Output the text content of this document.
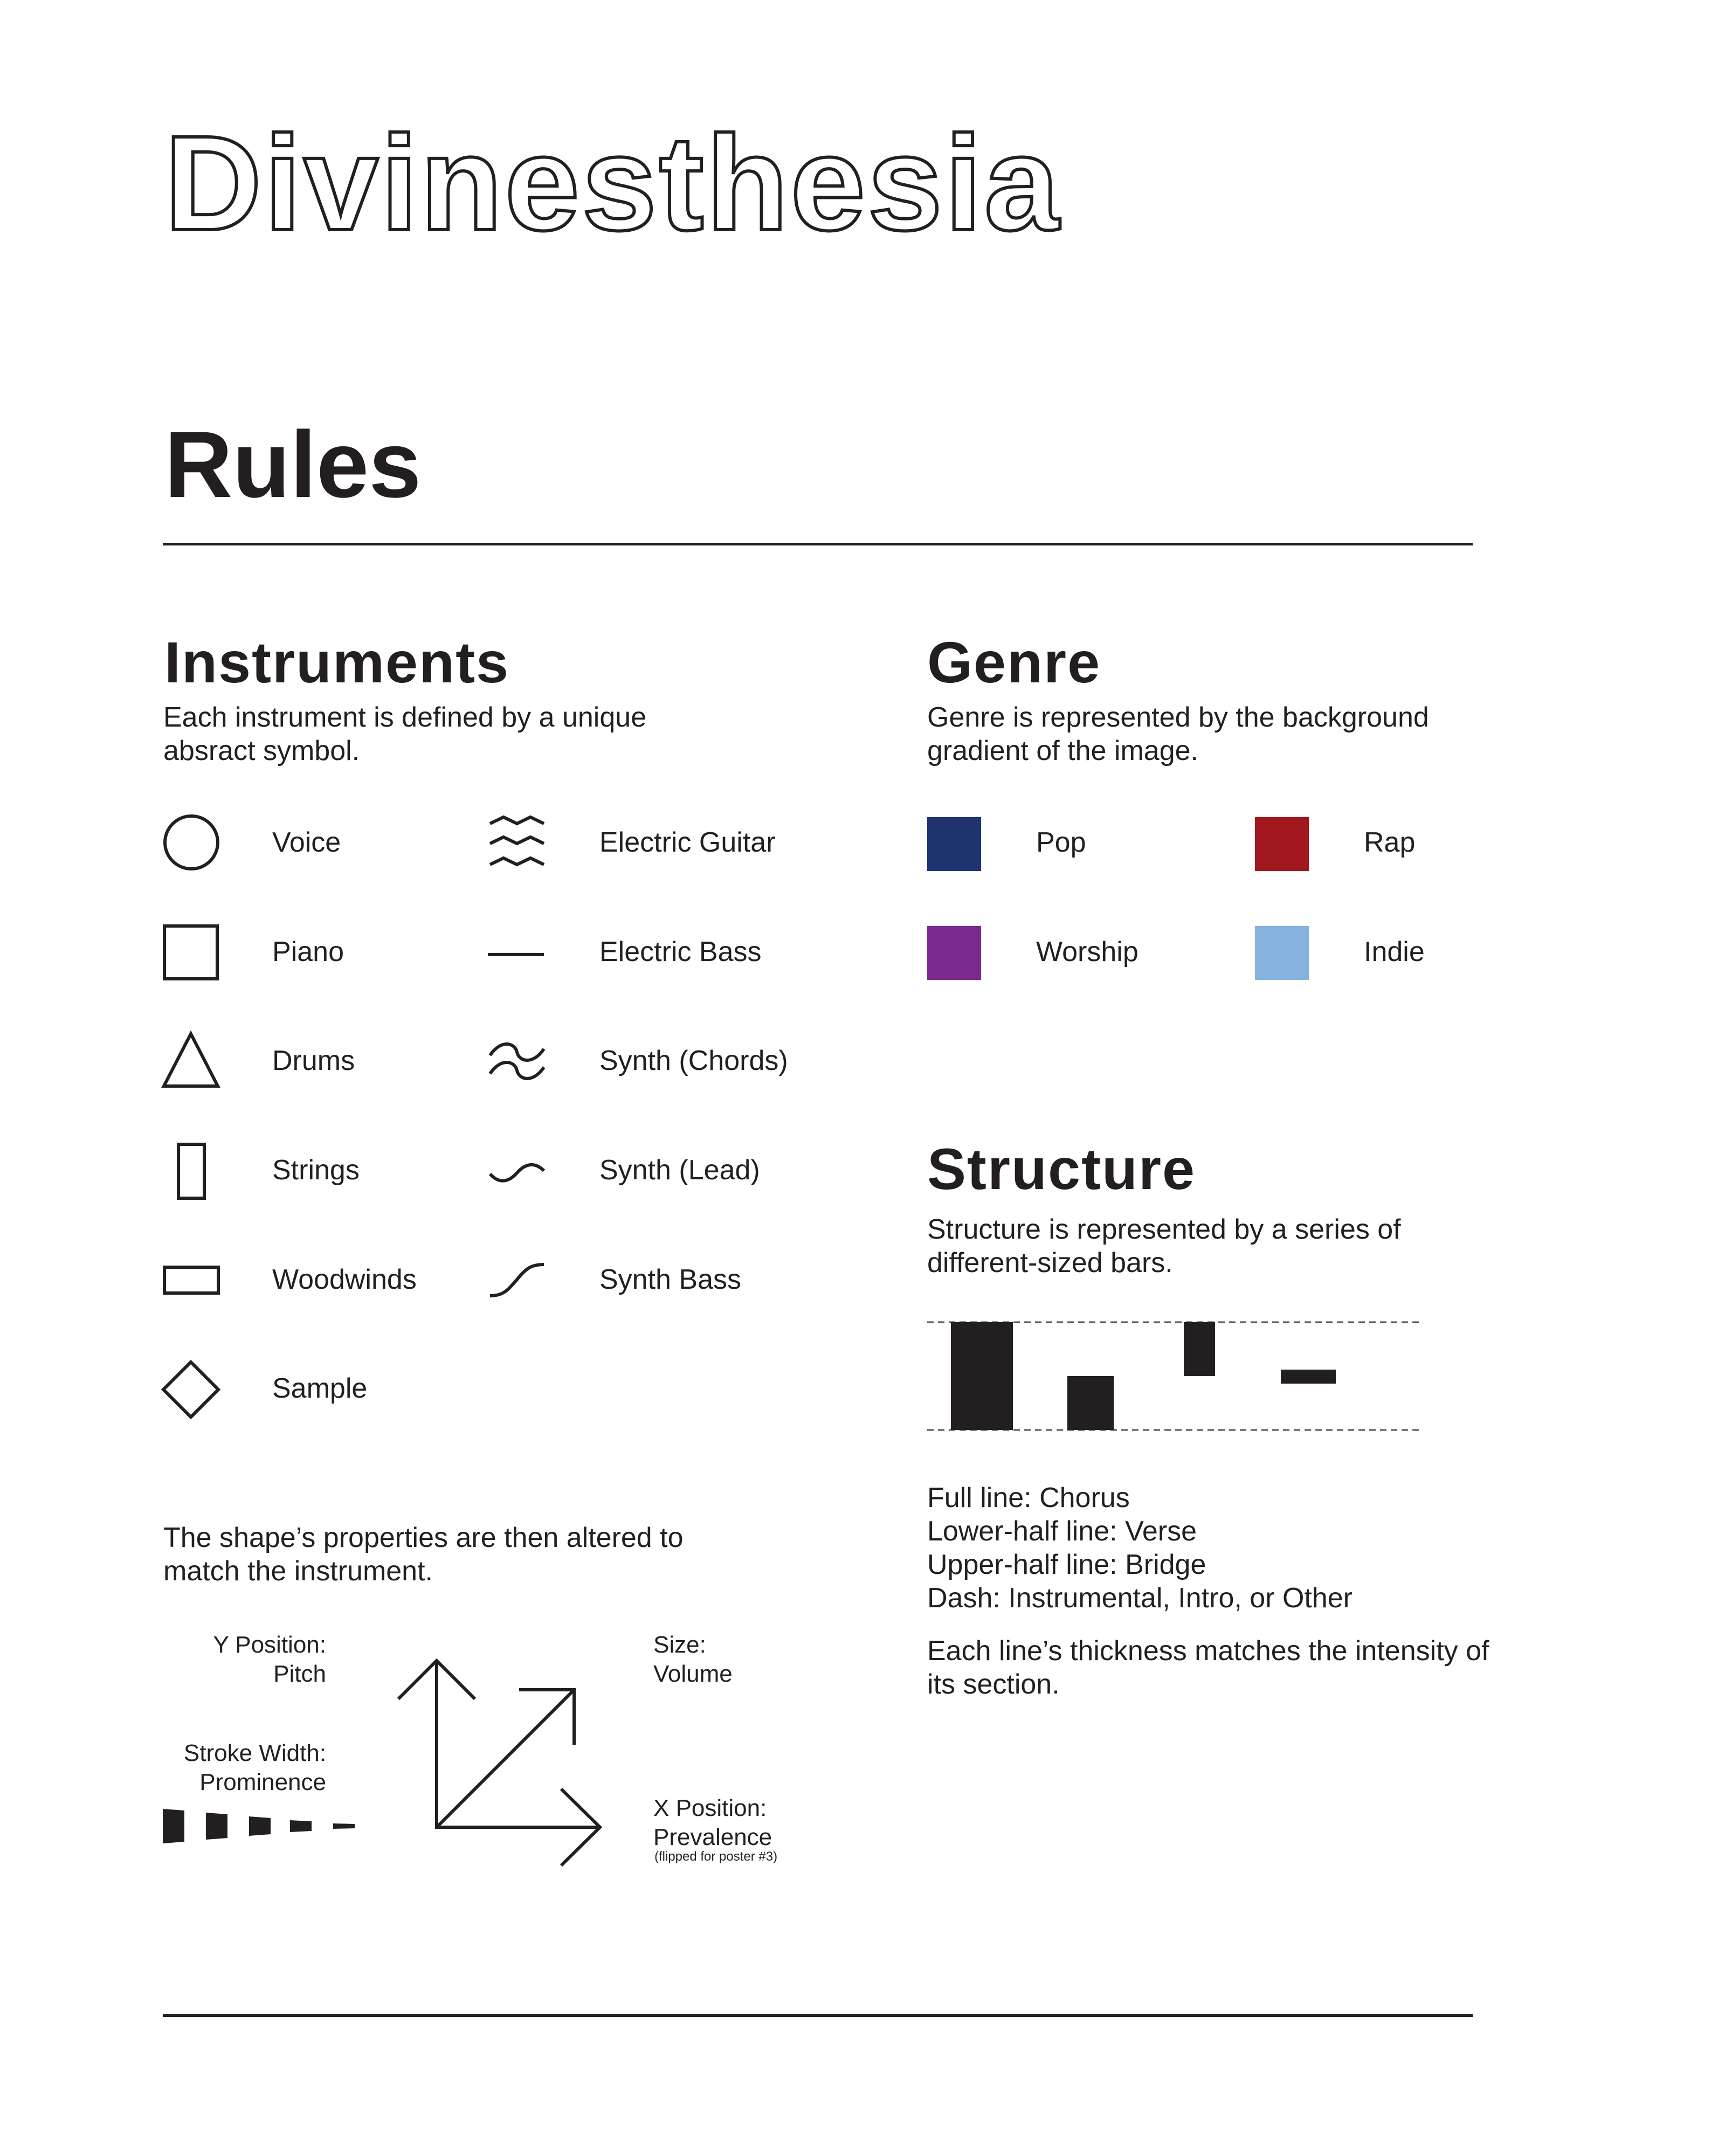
Divinesthesia
Rules
Instruments
Each instrument is defined by a unique absract symbol.
Voice
Piano
Drums
Strings
Woodwinds
Sample
Electric Guitar
Electric Bass
Synth (Chords)
Synth (Lead)
Synth Bass
The shape’s properties are then altered to match the instrument.
Y Position:
Pitch
Stroke Width:
Prominence
Size:
Volume
X Position:
Prevalence
(flipped for poster #3)
Genre
Genre is represented by the background gradient of the image.
Pop	Rap
Worship	Indie
Structure
Structure is represented by a series of different-sized bars.
Full line: Chorus
Lower-half line: Verse
Upper-half line: Bridge
Dash: Instrumental, Intro, or Other
Each line’s thickness matches the intensity of its section.
